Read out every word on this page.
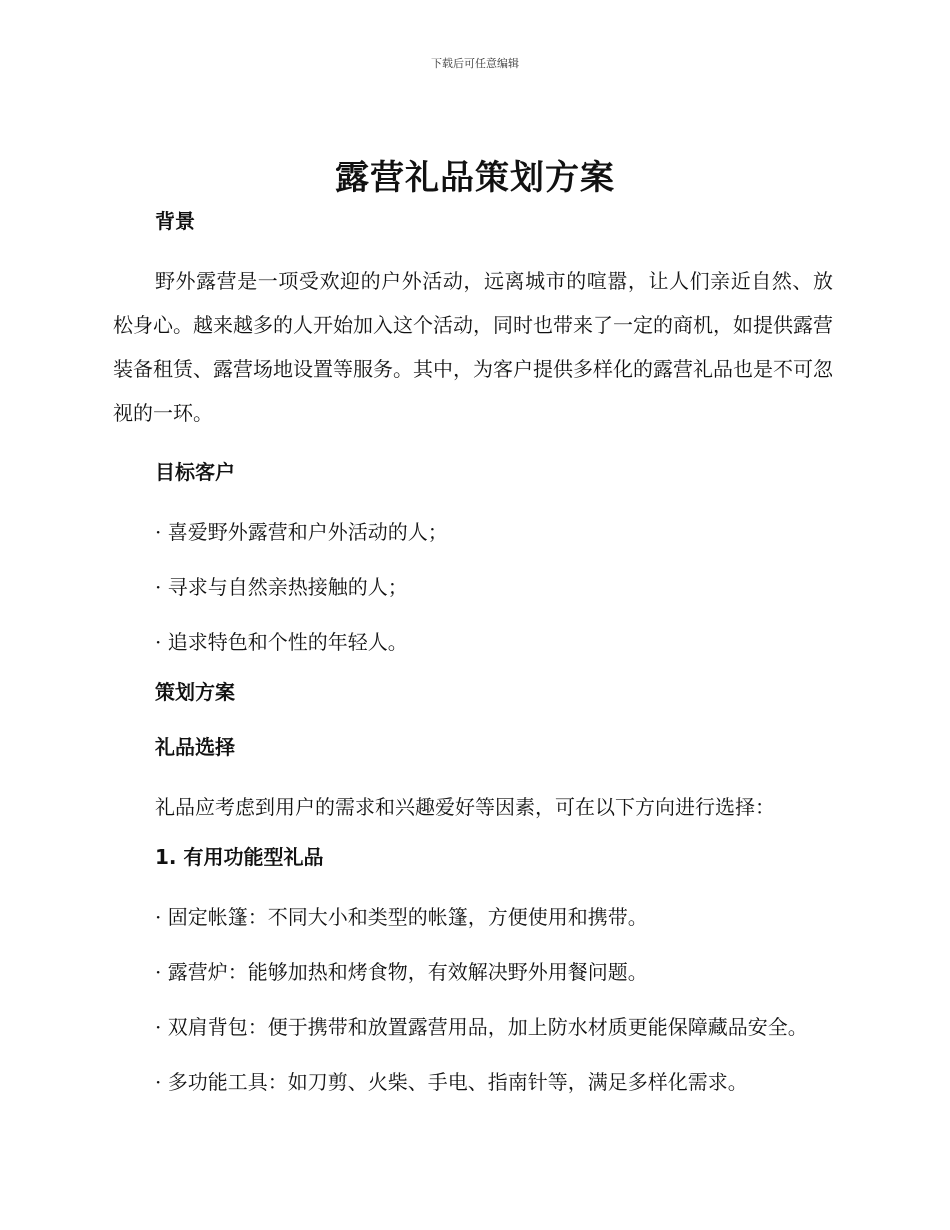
下载后可任意编辑
露营礼品策划方案
背景

野外露营是一项受欢迎的户外活动，远离城市的喧嚣，让人们亲近自然、放松身心。越来越多的人开始加入这个活动，同时也带来了一定的商机，如提供露营装备租赁、露营场地设置等服务。其中，为客户提供多样化的露营礼品也是不可忽视的一环。

目标客户

· 喜爱野外露营和户外活动的人；

· 寻求与自然亲热接触的人；

· 追求特色和个性的年轻人。

策划方案
礼品选择

礼品应考虑到用户的需求和兴趣爱好等因素，可在以下方向进行选择：

1. 有用功能型礼品

· 固定帐篷：不同大小和类型的帐篷，方便使用和携带。

· 露营炉：能够加热和烤食物，有效解决野外用餐问题。

· 双肩背包：便于携带和放置露营用品，加上防水材质更能保障藏品安全。

· 多功能工具：如刀剪、火柴、手电、指南针等，满足多样化需求。
